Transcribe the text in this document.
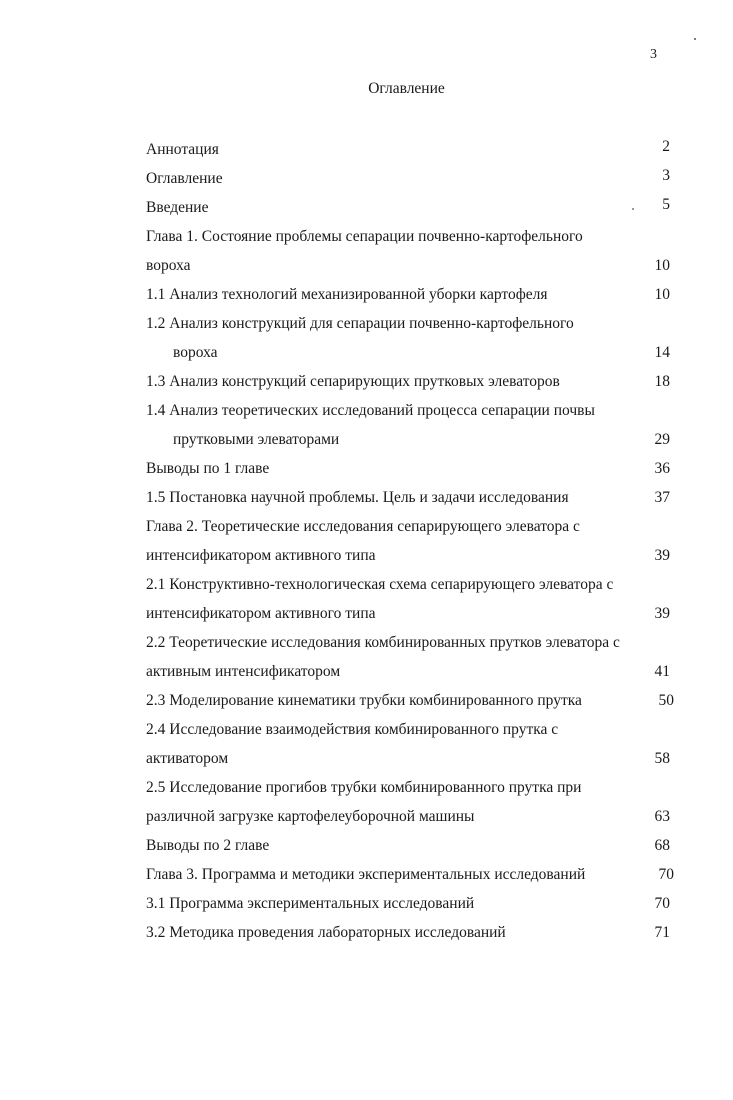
3
Оглавление
Аннотация	2
Оглавление	3
Введение	5
Глава 1. Состояние проблемы сепарации почвенно-картофельного
вороха	10
1.1 Анализ технологий механизированной уборки картофеля	10
1.2 Анализ конструкций для сепарации почвенно-картофельного
вороха	14
1.3 Анализ конструкций сепарирующих прутковых элеваторов	18
1.4 Анализ теоретических исследований процесса сепарации почвы
прутковыми элеваторами	29
Выводы по 1 главе	36
1.5 Постановка научной проблемы. Цель и задачи исследования	37
Глава 2. Теоретические исследования сепарирующего элеватора с
интенсификатором активного типа	39
2.1 Конструктивно-технологическая схема сепарирующего элеватора с
интенсификатором активного типа	39
2.2 Теоретические исследования комбинированных прутков элеватора с
активным интенсификатором	41
2.3 Моделирование кинематики трубки комбинированного прутка	50
2.4 Исследование взаимодействия комбинированного прутка с
активатором	58
2.5 Исследование прогибов трубки комбинированного прутка при
различной загрузке картофелеуборочной машины	63
Выводы по 2 главе	68
Глава 3. Программа и методики экспериментальных исследований	70
3.1 Программа экспериментальных исследований	70
3.2 Методика проведения лабораторных исследований	71
